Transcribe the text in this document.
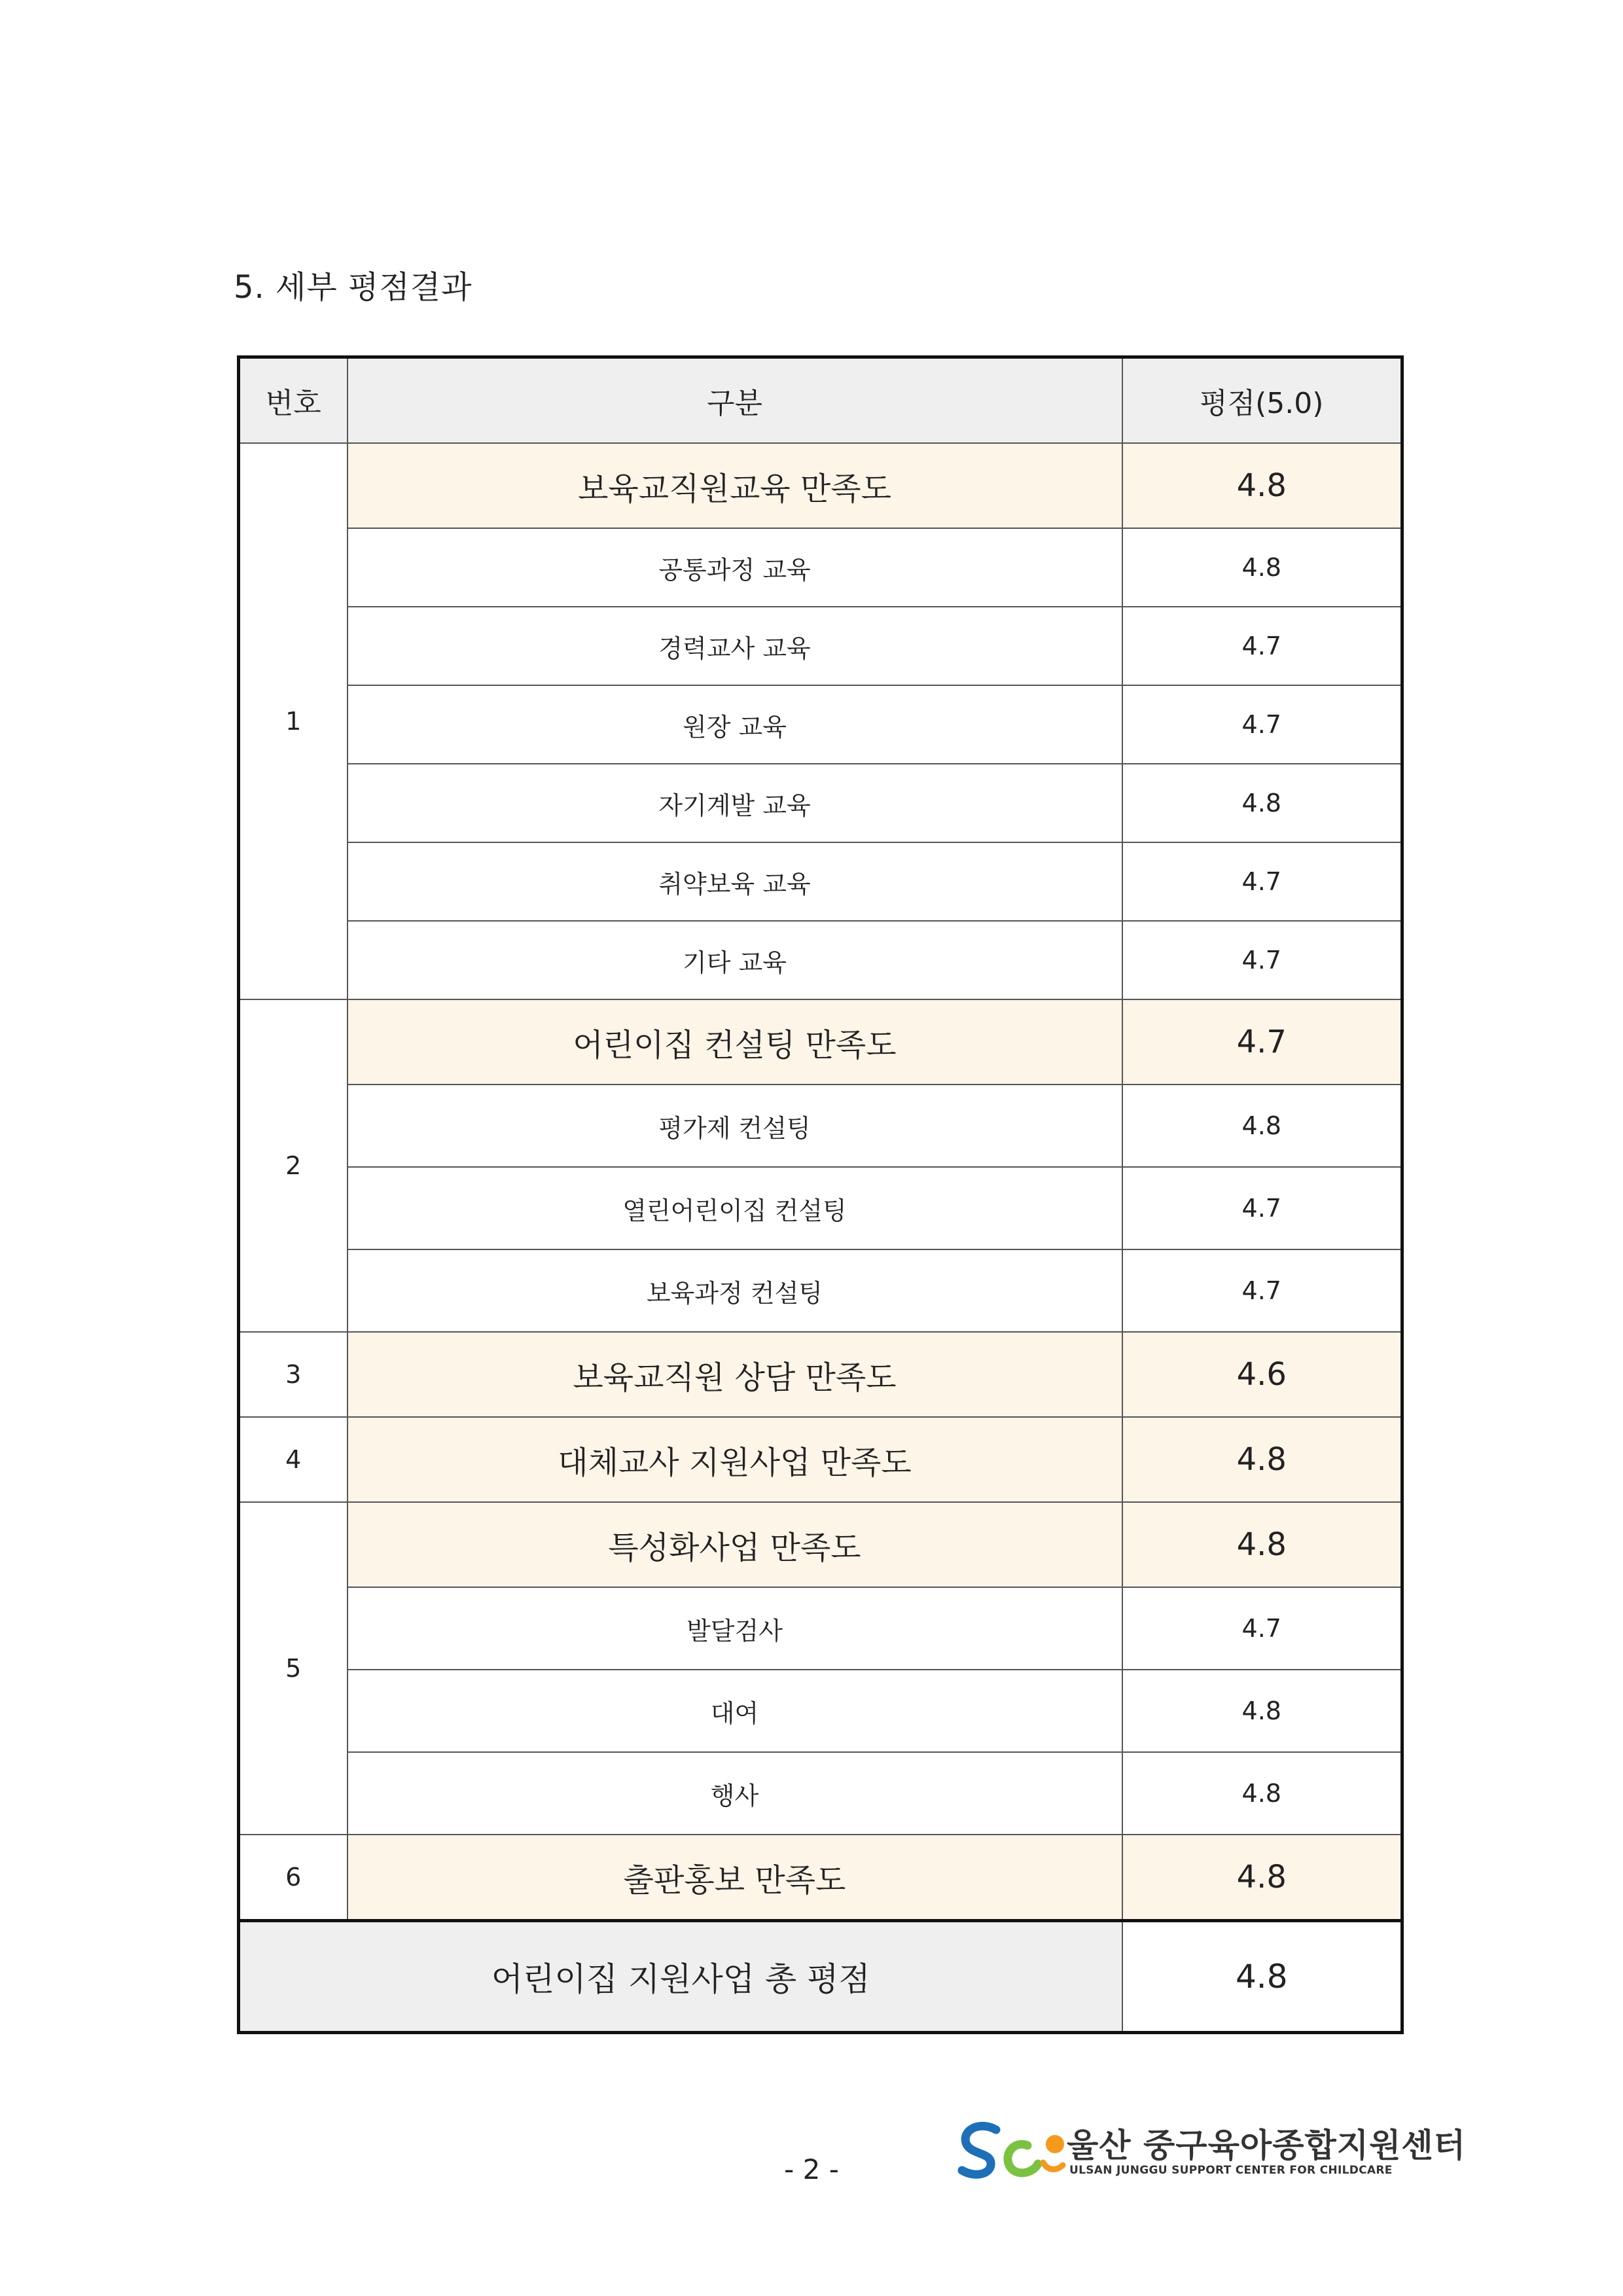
5. 세부 평점결과
번호	구분	평점(5.0)
1	보육교직원교육 만족도	4.8
	공통과정 교육	4.8
	경력교사 교육	4.7
	원장 교육	4.7
	자기계발 교육	4.8
	취약보육 교육	4.7
	기타 교육	4.7
2	어린이집 컨설팅 만족도	4.7
	평가제 컨설팅	4.8
	열린어린이집 컨설팅	4.7
	보육과정 컨설팅	4.7
3	보육교직원 상담 만족도	4.6
4	대체교사 지원사업 만족도	4.8
5	특성화사업 만족도	4.8
	발달검사	4.7
	대여	4.8
	행사	4.8
6	출판홍보 만족도	4.8
어린이집 지원사업 총 평점		4.8
울산 중구육아종합지원센터
ULSAN JUNGGU SUPPORT CENTER FOR CHILDCARE
- 2 -
